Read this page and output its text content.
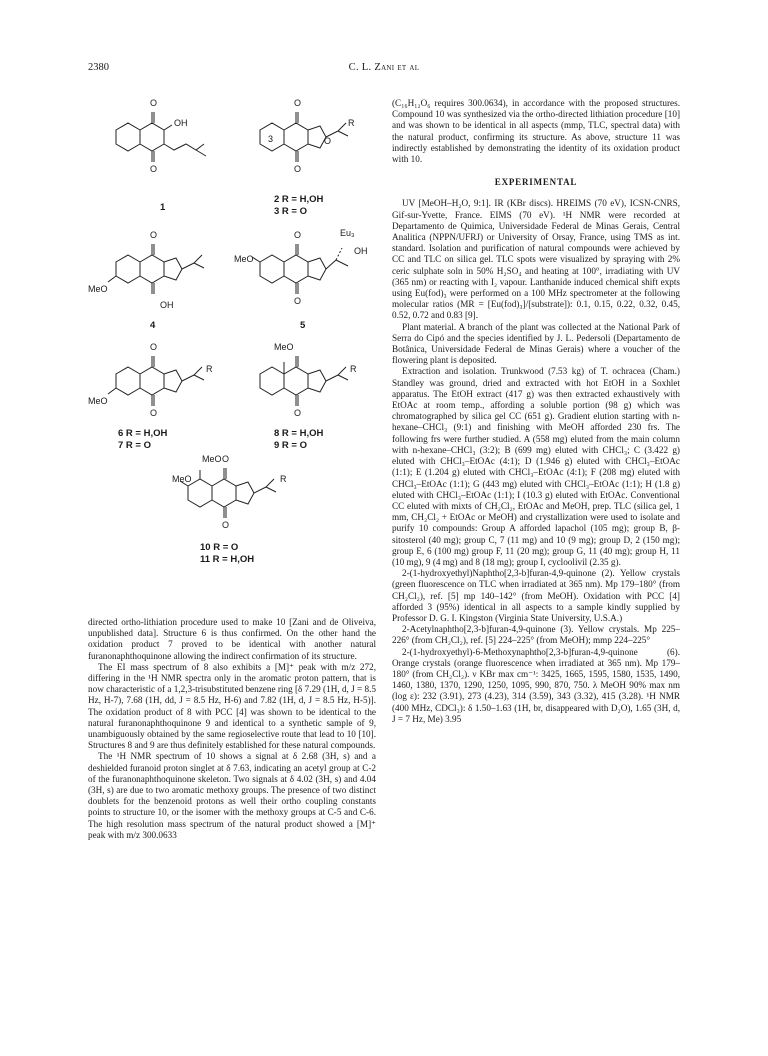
2380	C. L. Zani et al
O
OH
O
O
O
O
R
3
O
MeO
OH
O
MeO
Eu₃
OH
O
O
R
MeO
O
MeO
R
O
MeO O
MeO	R
O
1
2 R = H,OH
3 R = O
4	5
6 R = H,OH
7 R = O
8 R = H,OH
9 R = O
10 R = O
11 R = H,OH

directed ortho-lithiation procedure used to make 10 [Zani and de Oliveiva, unpublished data]. Structure 6 is thus confirmed. On the other hand the oxidation product 7 proved to be identical with another natural furanonaphthoquinone allowing the indirect confirmation of its structure.

The EI mass spectrum of 8 also exhibits a [M]⁺ peak with m/z 272, differing in the ¹H NMR spectra only in the aromatic proton pattern, that is now characteristic of a 1,2,3-trisubstituted benzene ring [δ 7.29 (1H, d, J = 8.5 Hz, H-7), 7.68 (1H, dd, J = 8.5 Hz, H-6) and 7.82 (1H, d, J = 8.5 Hz, H-5)]. The oxidation product of 8 with PCC [4] was shown to be identical to the natural furanonaphthoquinone 9 and identical to a synthetic sample of 9, unambiguously obtained by the same regioselective route that lead to 10 [10]. Structures 8 and 9 are thus definitely established for these natural compounds.

The ¹H NMR spectrum of 10 shows a signal at δ 2.68 (3H, s) and a deshielded furanoid proton singlet at δ 7.63, indicating an acetyl group at C-2 of the furanonaphthoquinone skeleton. Two signals at δ 4.02 (3H, s) and 4.04 (3H, s) are due to two aromatic methoxy groups. The presence of two distinct doublets for the benzenoid protons as well their ortho coupling constants points to structure 10, or the isomer with the methoxy groups at C-5 and C-6. The high resolution mass spectrum of the natural product showed a [M]⁺ peak with m/z 300.0633

(C₁₆H₁₂O₆ requires 300.0634), in accordance with the proposed structures. Compound 10 was synthesized via the ortho-directed lithiation procedure [10] and was shown to be identical in all aspects (mmp, TLC, spectral data) with the natural product, confirming its structure. As above, structure 11 was indirectly established by demonstrating the identity of its oxidation product with 10.

EXPERIMENTAL

UV [MeOH–H₂O, 9:1]. IR (KBr discs). HREIMS (70 eV), ICSN-CNRS, Gif-sur-Yvette, France. EIMS (70 eV). ¹H NMR were recorded at Departamento de Quimica, Universidade Federal de Minas Gerais, Central Analitica (NPPN/UFRJ) or University of Orsay, France, using TMS as int. standard. Isolation and purification of natural compounds were achieved by CC and TLC on silica gel. TLC spots were visualized by spraying with 2% ceric sulphate soln in 50% H₂SO₄ and heating at 100°, irradiating with UV (365 nm) or reacting with I₂ vapour. Lanthanide induced chemical shift expts using Eu(fod)₃ were performed on a 100 MHz spectrometer at the following molecular ratios (MR = [Eu(fod)₃]/[substrate]): 0.1, 0.15, 0.22, 0.32, 0.45, 0.52, 0.72 and 0.83 [9].

Plant material. A branch of the plant was collected at the National Park of Serra do Cipó and the species identified by J. L. Pedersoli (Departamento de Botânica, Universidade Federal de Minas Gerais) where a voucher of the flowering plant is deposited.

Extraction and isolation. Trunkwood (7.53 kg) of T. ochracea (Cham.) Standley was ground, dried and extracted with hot EtOH in a Soxhlet apparatus. The EtOH extract (417 g) was then extracted exhaustively with EtOAc at room temp., affording a soluble portion (98 g) which was chromatographed by silica gel CC (651 g). Gradient elution starting with n-hexane–CHCl₃ (9:1) and finishing with MeOH afforded 230 frs. The following frs were further studied. A (558 mg) eluted from the main column with n-hexane–CHCl₃ (3:2); B (699 mg) eluted with CHCl₃; C (3.422 g) eluted with CHCl₃–EtOAc (4:1); D (1.946 g) eluted with CHCl₃–EtOAc (1:1); E (1.204 g) eluted with CHCl₃–EtOAc (4:1); F (208 mg) eluted with CHCl₃–EtOAc (1:1); G (443 mg) eluted with CHCl₃–EtOAc (1:1); H (1.8 g) eluted with CHCl₃–EtOAc (1:1); I (10.3 g) eluted with EtOAc. Conventional CC eluted with mixts of CH₂Cl₂, EtOAc and MeOH, prep. TLC (silica gel, 1 mm, CH₂Cl₂ + EtOAc or MeOH) and crystallization were used to isolate and purify 10 compounds: Group A afforded lapachol (105 mg); group B, β-sitosterol (40 mg); group C, 7 (11 mg) and 10 (9 mg); group D, 2 (150 mg); group E, 6 (100 mg) group F, 11 (20 mg); group G, 11 (40 mg); group H, 11 (10 mg), 9 (4 mg) and 8 (18 mg); group I, cycloolivil (2.35 g).

2-(1-hydroxyethyl)Naphtho[2,3-b]furan-4,9-quinone (2). Yellow crystals (green fluorescence on TLC when irradiated at 365 nm). Mp 179–180° (from CH₂Cl₂), ref. [5] mp 140–142° (from MeOH). Oxidation with PCC [4] afforded 3 (95%) identical in all aspects to a sample kindly supplied by Professor D. G. I. Kingston (Virginia State University, U.S.A.)

2-Acetylnaphtho[2,3-b]furan-4,9-quinone (3). Yellow crystals. Mp 225–226° (from CH₂Cl₂), ref. [5] 224–225° (from MeOH); mmp 224–225°

2-(1-hydroxyethyl)-6-Methoxynaphtho[2,3-b]furan-4,9-quinone (6). Orange crystals (orange fluorescence when irradiated at 365 nm). Mp 179–180° (from CH₂Cl₂). ν KBr max cm⁻¹: 3425, 1665, 1595, 1580, 1535, 1490, 1460, 1380, 1370, 1290, 1250, 1095, 990, 870, 750. λ MeOH 90% max nm (log ε): 232 (3.91), 273 (4.23), 314 (3.59), 343 (3.32), 415 (3.28). ¹H NMR (400 MHz, CDCl₃): δ 1.50–1.63 (1H, br, disappeared with D₂O), 1.65 (3H, d, J = 7 Hz, Me) 3.95
